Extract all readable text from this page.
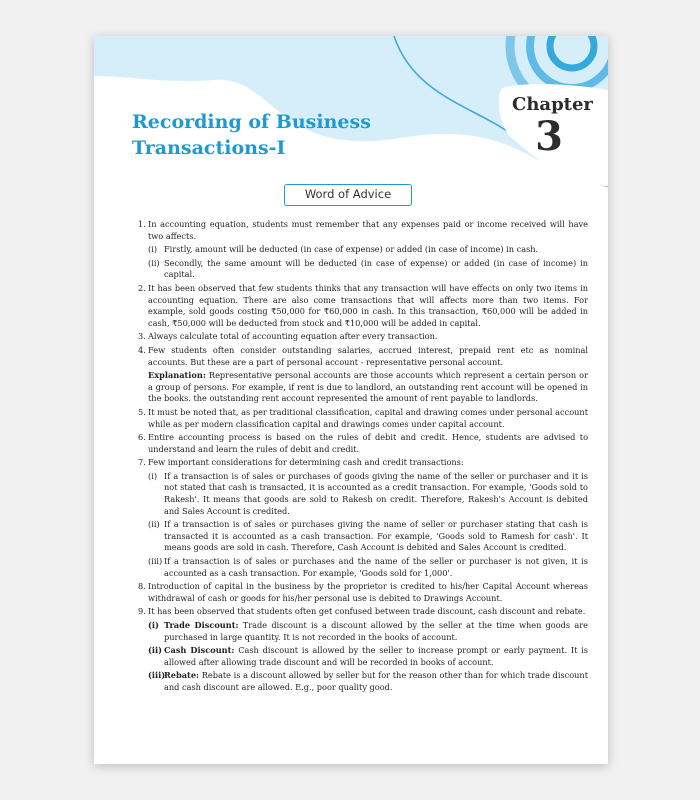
Recording of Business
Transactions-I
Chapter
3
Word of Advice
1. In accounting equation, students must remember that any expenses paid or income received will have two affects.
(i) Firstly, amount will be deducted (in case of expense) or added (in case of income) in cash.
(ii) Secondly, the same amount will be deducted (in case of expense) or added (in case of income) in capital.
2. It has been observed that few students thinks that any transaction will have effects on only two items in accounting equation. There are also come transactions that will affects more than two items. For example, sold goods costing ₹50,000 for ₹60,000 in cash. In this transaction, ₹60,000 will be added in cash, ₹50,000 will be deducted from stock and ₹10,000 will be added in capital.
3. Always calculate total of accounting equation after every transaction.
4. Few students often consider outstanding salaries, accrued interest, prepaid rent etc as nominal accounts. But these are a part of personal account - representative personal account.
Explanation: Representative personal accounts are those accounts which represent a certain person or a group of persons. For example, if rent is due to landlord, an outstanding rent account will be opened in the books. the outstanding rent account represented the amount of rent payable to landlords.
5. It must be noted that, as per traditional classification, capital and drawing comes under personal account while as per modern classification capital and drawings comes under capital account.
6. Entire accounting process is based on the rules of debit and credit. Hence, students are advised to understand and learn the rules of debit and credit.
7. Few important considerations for determining cash and credit transactions:
(i) If a transaction is of sales or purchases of goods giving the name of the seller or purchaser and it is not stated that cash is transacted, it is accounted as a credit transaction. For example, 'Goods sold to Rakesh'. It means that goods are sold to Rakesh on credit. Therefore, Rakesh's Account is debited and Sales Account is credited.
(ii) If a transaction is of sales or purchases giving the name of seller or purchaser stating that cash is transacted it is accounted as a cash transaction. For example, 'Goods sold to Ramesh for cash'. It means goods are sold in cash. Therefore, Cash Account is debited and Sales Account is credited.
(iii) If a transaction is of sales or purchases and the name of the seller or purchaser is not given, it is accounted as a cash transaction. For example, 'Goods sold for 1,000'.
8. Introduction of capital in the business by the proprietor is credited to his/her Capital Account whereas withdrawal of cash or goods for his/her personal use is debited to Drawings Account.
9. It has been observed that students often get confused between trade discount, cash discount and rebate.
(i) Trade Discount: Trade discount is a discount allowed by the seller at the time when goods are purchased in large quantity. It is not recorded in the books of account.
(ii) Cash Discount: Cash discount is allowed by the seller to increase prompt or early payment. It is allowed after allowing trade discount and will be recorded in books of account.
(iii)
Rebate: Rebate is a discount allowed by seller but for the reason other than for which trade discount and cash discount are allowed. E.g., poor quality good.
